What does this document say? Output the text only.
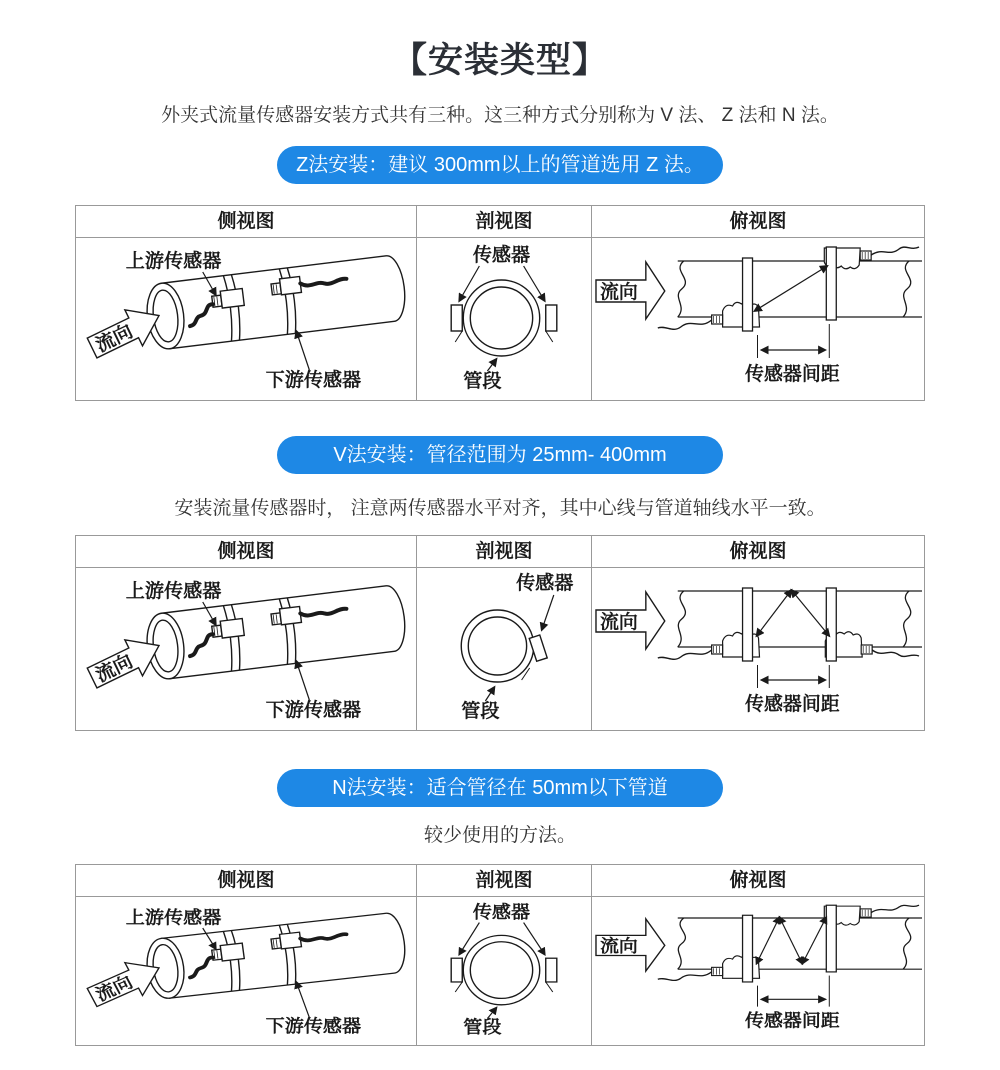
【安装类型】
外夹式流量传感器安装方式共有三种。这三种方式分别称为 V 法、 Z 法和 N 法。
Z法安装：建议 300mm以上的管道选用 Z 法。
侧视图	剖视图	俯视图
流向
上游传感器
下游传感器
传感器
管段
流向
传感器间距
V法安装：管径范围为 25mm- 400mm
安装流量传感器时， 注意两传感器水平对齐，其中心线与管道轴线水平一致。
侧视图	剖视图	俯视图
流向
上游传感器
下游传感器
传感器
管段
流向
传感器间距
N法安装：适合管径在 50mm以下管道
较少使用的方法。
侧视图	剖视图	俯视图
流向
上游传感器
下游传感器
传感器
管段
流向
传感器间距
